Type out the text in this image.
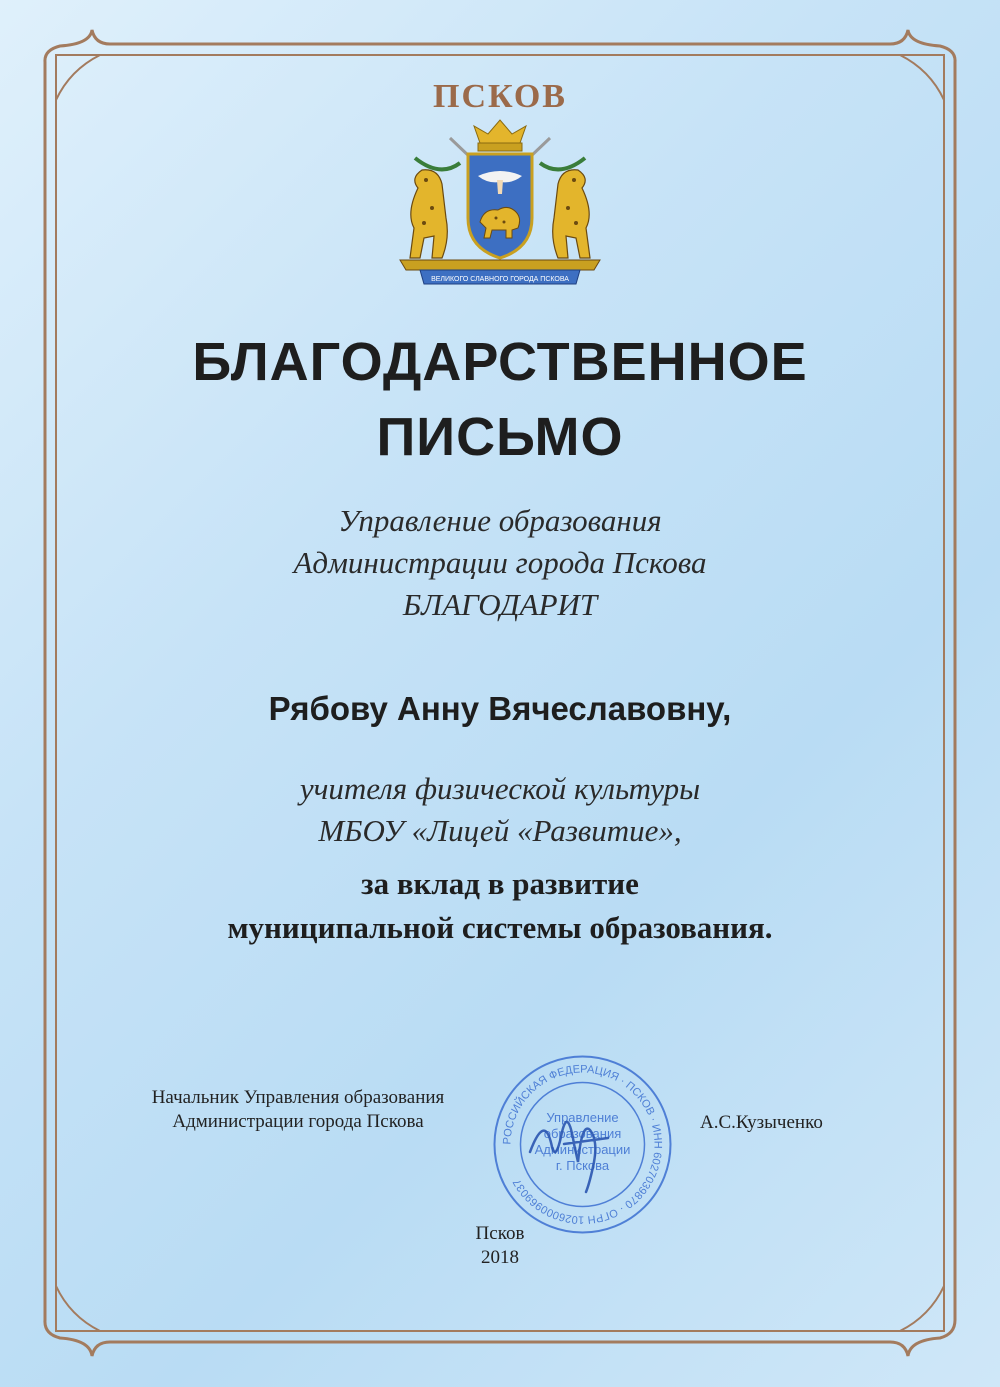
ПСКОВ
ВЕЛИКОГО СЛАВНОГО ГОРОДА ПСКОВА
БЛАГОДАРСТВЕННОЕ
ПИСЬМО
Управление образования
Администрации города Пскова
БЛАГОДАРИТ
Рябову Анну Вячеславовну,
учителя физической культуры
МБОУ «Лицей «Развитие»,
за вклад в развитие
муниципальной системы образования.
Начальник Управления образования
Администрации города Пскова	А.С.Кузыченко
РОССИЙСКАЯ ФЕДЕРАЦИЯ · ПСКОВ · ИНН 6027039870 · ОГРН 1026000969037
Управление
образования
Администрации
г. Пскова
Псков
2018
